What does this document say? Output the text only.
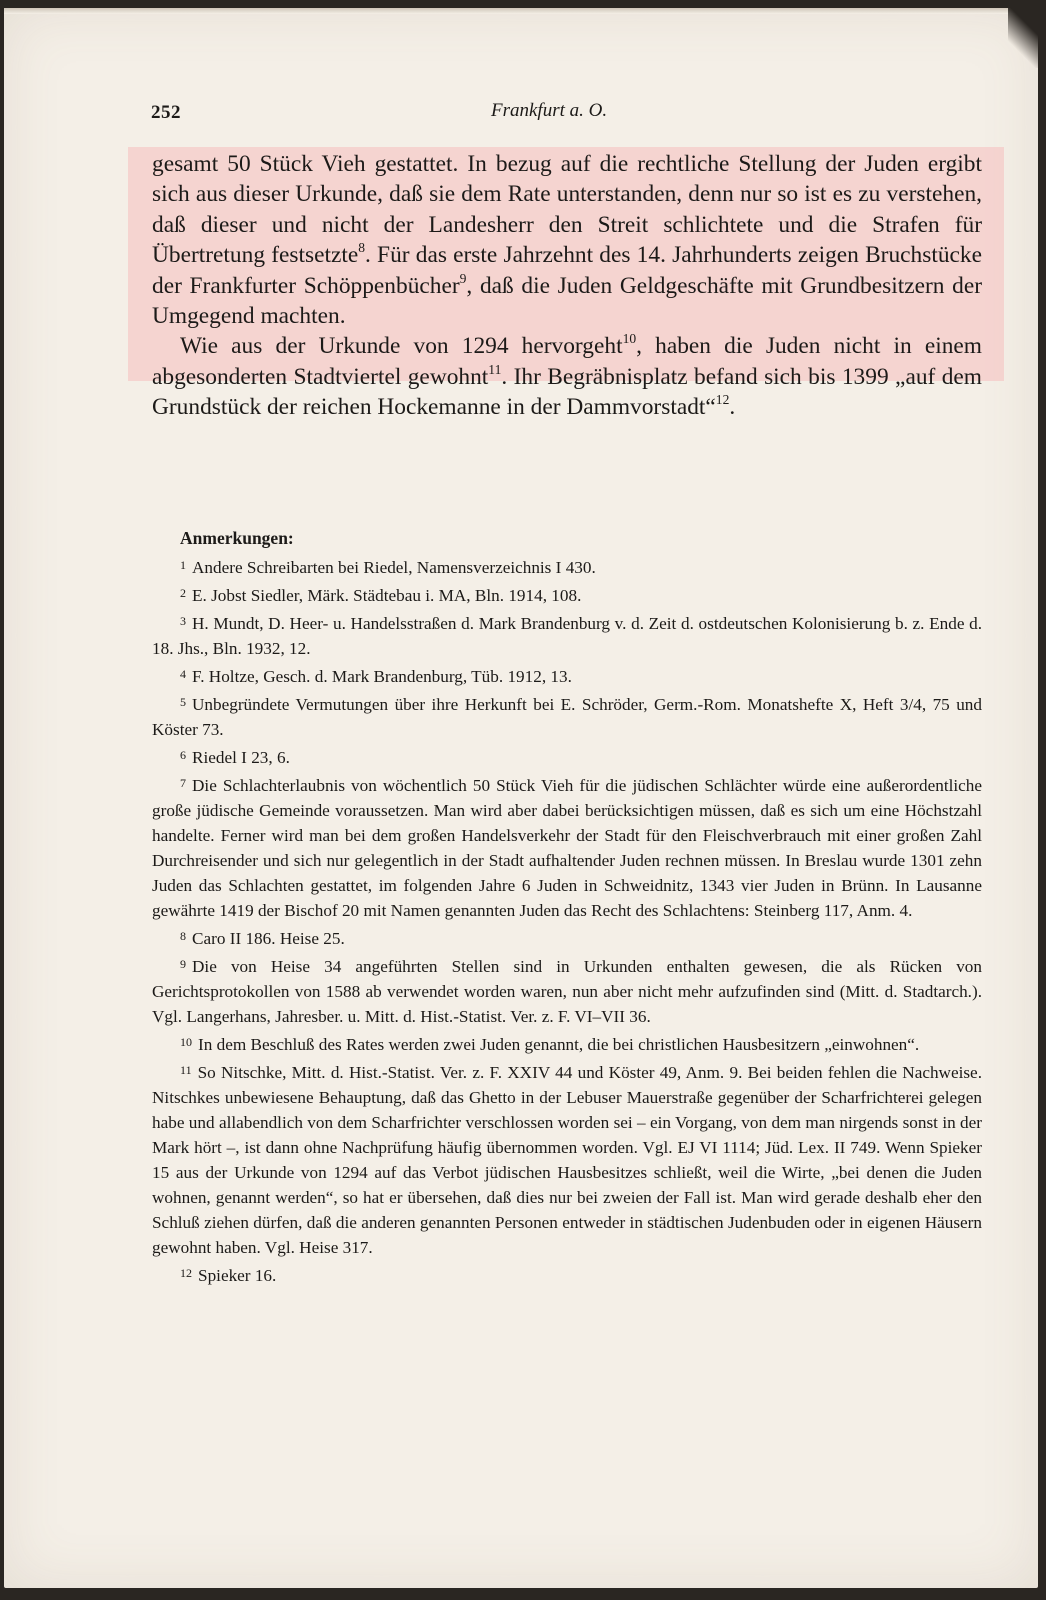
252	Frankfurt a. O.

gesamt 50 Stück Vieh gestattet. In bezug auf die rechtliche Stellung der Juden ergibt sich aus dieser Urkunde, daß sie dem Rate unterstanden, denn nur so ist es zu verstehen, daß dieser und nicht der Landesherr den Streit schlichtete und die Strafen für Übertretung festsetzte$^8$. Für das erste Jahrzehnt des 14. Jahrhunderts zeigen Bruchstücke der Frankfurter Schöppenbücher$^9$, daß die Juden Geldgeschäfte mit Grundbesitzern der Umgegend machten.

Wie aus der Urkunde von 1294 hervorgeht$^{10}$, haben die Juden nicht in einem abgesonderten Stadtviertel gewohnt$^{11}$. Ihr Begräbnisplatz befand sich bis 1399 „auf dem Grundstück der reichen Hockemanne in der Dammvorstadt“$^{12}$.

Anmerkungen:

$^1$ Andere Schreibarten bei Riedel, Namensverzeichnis I 430.

$^2$ E. Jobst Siedler, Märk. Städtebau i. MA, Bln. 1914, 108.

$^3$ H. Mundt, D. Heer- u. Handelsstraßen d. Mark Brandenburg v. d. Zeit d. ostdeutschen Kolonisierung b. z. Ende d. 18. Jhs., Bln. 1932, 12.

$^4$ F. Holtze, Gesch. d. Mark Brandenburg, Tüb. 1912, 13.

$^5$ Unbegründete Vermutungen über ihre Herkunft bei E. Schröder, Germ.-Rom. Monatshefte X, Heft 3/4, 75 und Köster 73.

$^6$ Riedel I 23, 6.

$^7$ Die Schlachterlaubnis von wöchentlich 50 Stück Vieh für die jüdischen Schlächter würde eine außerordentliche große jüdische Gemeinde voraussetzen. Man wird aber dabei berücksichtigen müssen, daß es sich um eine Höchstzahl handelte. Ferner wird man bei dem großen Handelsverkehr der Stadt für den Fleischverbrauch mit einer großen Zahl Durchreisender und sich nur gelegentlich in der Stadt aufhaltender Juden rechnen müssen. In Breslau wurde 1301 zehn Juden das Schlachten gestattet, im folgenden Jahre 6 Juden in Schweidnitz, 1343 vier Juden in Brünn. In Lausanne gewährte 1419 der Bischof 20 mit Namen genannten Juden das Recht des Schlachtens: Steinberg 117, Anm. 4.

$^8$ Caro II 186. Heise 25.

$^9$ Die von Heise 34 angeführten Stellen sind in Urkunden enthalten gewesen, die als Rücken von Gerichtsprotokollen von 1588 ab verwendet worden waren, nun aber nicht mehr aufzufinden sind (Mitt. d. Stadtarch.). Vgl. Langerhans, Jahresber. u. Mitt. d. Hist.-Statist. Ver. z. F. VI–VII 36.

$^{10}$ In dem Beschluß des Rates werden zwei Juden genannt, die bei christlichen Hausbesitzern „einwohnen“.

$^{11}$ So Nitschke, Mitt. d. Hist.-Statist. Ver. z. F. XXIV 44 und Köster 49, Anm. 9. Bei beiden fehlen die Nachweise. Nitschkes unbewiesene Behauptung, daß das Ghetto in der Lebuser Mauerstraße gegenüber der Scharfrichterei gelegen habe und allabendlich von dem Scharfrichter verschlossen worden sei – ein Vorgang, von dem man nirgends sonst in der Mark hört –, ist dann ohne Nachprüfung häufig übernommen worden. Vgl. EJ VI 1114; Jüd. Lex. II 749. Wenn Spieker 15 aus der Urkunde von 1294 auf das Verbot jüdischen Hausbesitzes schließt, weil die Wirte, „bei denen die Juden wohnen, genannt werden“, so hat er übersehen, daß dies nur bei zweien der Fall ist. Man wird gerade deshalb eher den Schluß ziehen dürfen, daß die anderen genannten Personen entweder in städtischen Judenbuden oder in eigenen Häusern gewohnt haben. Vgl. Heise 317.

$^{12}$ Spieker 16.
